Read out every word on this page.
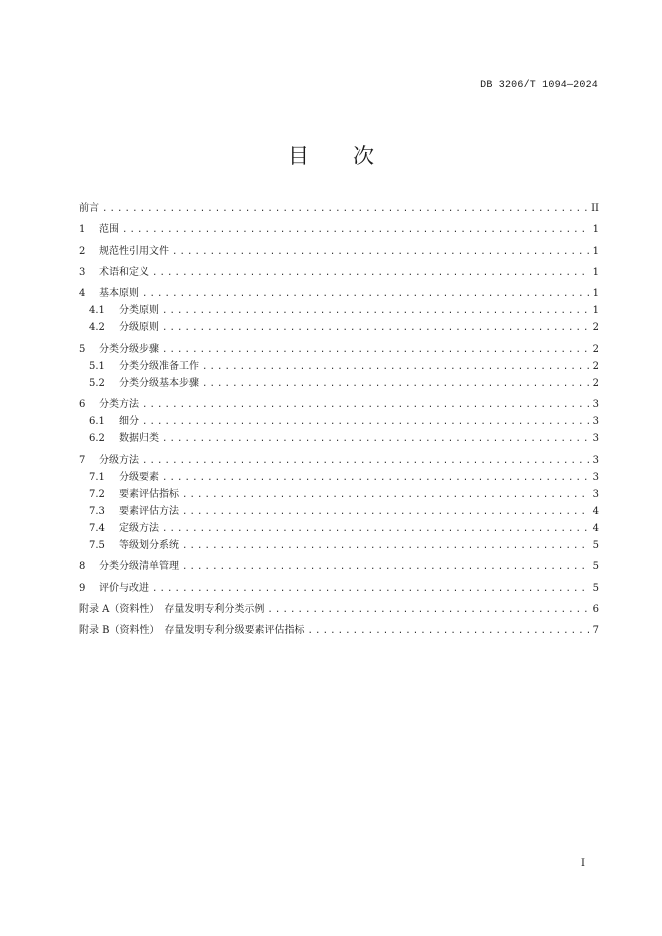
DB 3206/T 1094—2024
目 次
前言 .....	II
1	范围 .....	1
2	规范性引用文件 .....	1
3	术语和定义 .....	1
4	基本原则 .....	1
4.1	分类原则 .....	1
4.2	分级原则 .....	2
5	分类分级步骤 .....	2
5.1	分类分级准备工作 .....	2
5.2	分类分级基本步骤 .....	2
6	分类方法 .....	3
6.1	细分 .....	3
6.2	数据归类 .....	3
7	分级方法 .....	3
7.1	分级要素 .....	3
7.2	要素评估指标 .....	3
7.3	要素评估方法 .....	4
7.4	定级方法 .....	4
7.5	等级划分系统 .....	5
8	分类分级清单管理 .....	5
9	评价与改进 .....	5
附录 A（资料性）　存量发明专利分类示例 .....	6
附录 B（资料性）　存量发明专利分级要素评估指标 .....	7
I
